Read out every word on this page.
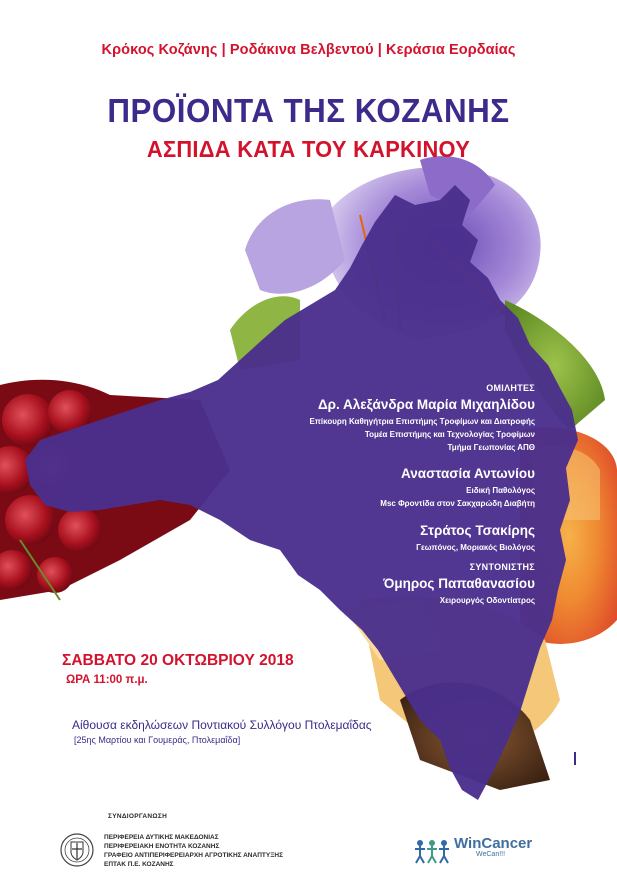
Κρόκος Κοζάνης | Ροδάκινα Βελβεντού | Κεράσια Εορδαίας
ΠΡΟΪΟΝΤΑ ΤΗΣ ΚΟΖΑΝΗΣ
ΑΣΠΙΔΑ ΚΑΤΑ ΤΟΥ ΚΑΡΚΙΝΟΥ
ΟΜΙΛΗΤΕΣ
Δρ. Αλεξάνδρα Μαρία Μιχαηλίδου
Επίκουρη Καθηγήτρια Επιστήμης Τροφίμων και Διατροφής
Τομέα Επιστήμης και Τεχνολογίας Τροφίμων
Τμήμα Γεωπονίας ΑΠΘ
Αναστασία Αντωνίου
Ειδική Παθολόγος
Msc Φροντίδα στον Σακχαρώδη Διαβήτη
Στράτος Τσακίρης
Γεωπόνος, Μοριακός Βιολόγος
ΣΥΝΤΟΝΙΣΤΗΣ
Όμηρος Παπαθανασίου
Χειρουργός Οδοντίατρος
ΣΑΒΒΑΤΟ 20 ΟΚΤΩΒΡΙΟΥ 2018
ΩΡΑ 11:00 π.μ.
Αίθουσα εκδηλώσεων Ποντιακού Συλλόγου Πτολεμαΐδας
[25ης Μαρτίου και Γουμεράς, Πτολεμαΐδα]
ΣΥΝΔΙΟΡΓΑΝΩΣΗ
ΠΕΡΙΦΕΡΕΙΑ ΔΥΤΙΚΗΣ ΜΑΚΕΔΟΝΙΑΣ
ΠΕΡΙΦΕΡΕΙΑΚΗ ΕΝΟΤΗΤΑ ΚΟΖΑΝΗΣ
ΓΡΑΦΕΙΟ ΑΝΤΙΠΕΡΙΦΕΡΕΙΑΡΧΗ ΑΓΡΟΤΙΚΗΣ ΑΝΑΠΤΥΞΗΣ
ΕΠΤΑΚ Π.Ε. ΚΟΖΑΝΗΣ
WinCancer
WeCan!!!
